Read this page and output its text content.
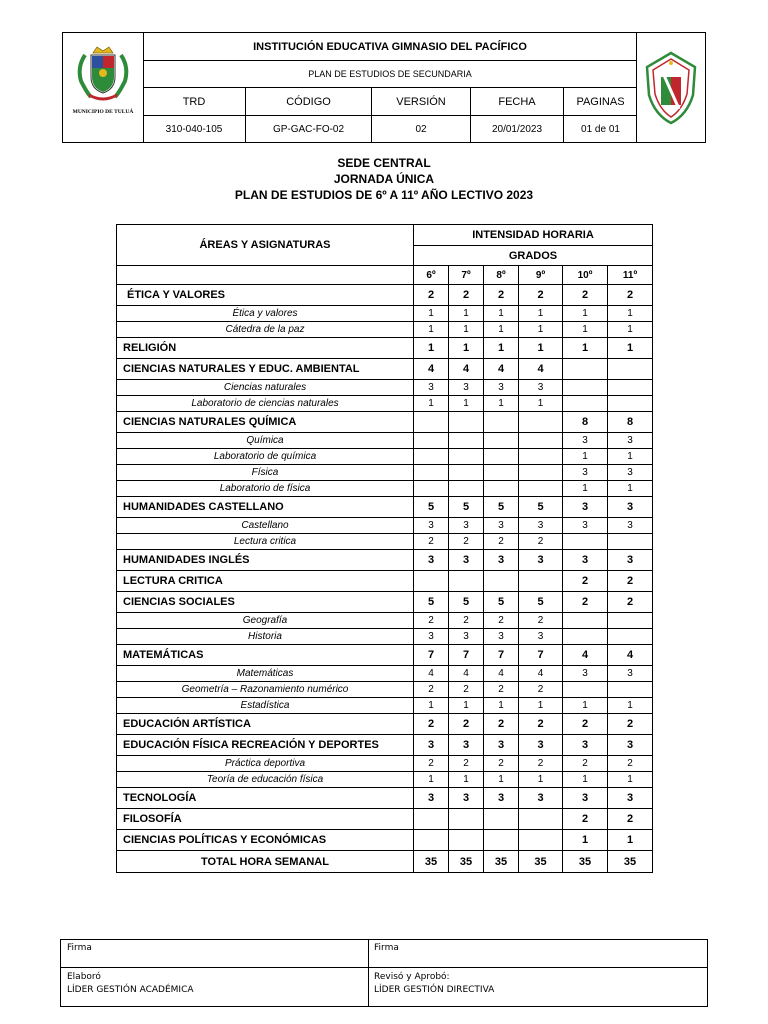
MUNICIPIO DE TULUÁ
INSTITUCIÓN EDUCATIVA GIMNASIO DEL PACÍFICO
PLAN DE ESTUDIOS DE SECUNDARIA
TRD	CÓDIGO	VERSIÓN	FECHA	PAGINAS
310-040-105	GP-GAC-FO-02	02	20/01/2023	01 de 01
SEDE CENTRAL
JORNADA ÚNICA
PLAN DE ESTUDIOS DE 6º A 11º AÑO LECTIVO 2023
ÁREAS Y ASIGNATURAS	INTENSIDAD HORARIA					
	GRADOS					
	6º	7º	8º	9º	10º	11º
ÉTICA Y VALORES	2	2	2	2	2	2
Ética y valores	1	1	1	1	1	1
Cátedra de la paz	1	1	1	1	1	1
RELIGIÓN	1	1	1	1	1	1
CIENCIAS NATURALES Y EDUC. AMBIENTAL	4	4	4	4		
Ciencias naturales	3	3	3	3		
Laboratorio de ciencias naturales	1	1	1	1		
CIENCIAS NATURALES QUÍMICA					8	8
Química					3	3
Laboratorio de química					1	1
Física					3	3
Laboratorio de física					1	1
HUMANIDADES CASTELLANO	5	5	5	5	3	3
Castellano	3	3	3	3	3	3
Lectura critica	2	2	2	2		
HUMANIDADES INGLÉS	3	3	3	3	3	3
LECTURA CRITICA					2	2
CIENCIAS SOCIALES	5	5	5	5	2	2
Geografía	2	2	2	2		
Historia	3	3	3	3		
MATEMÁTICAS	7	7	7	7	4	4
Matemáticas	4	4	4	4	3	3
Geometría – Razonamiento numérico	2	2	2	2		
Estadística	1	1	1	1	1	1
EDUCACIÓN ARTÍSTICA	2	2	2	2	2	2
EDUCACIÓN FÍSICA RECREACIÓN Y DEPORTES	3	3	3	3	3	3
Práctica deportiva	2	2	2	2	2	2
Teoría de educación física	1	1	1	1	1	1
TECNOLOGÍA	3	3	3	3	3	3
FILOSOFÍA					2	2
CIENCIAS POLÍTICAS Y ECONÓMICAS					1	1
TOTAL HORA SEMANAL	35	35	35	35	35	35
Firma	Firma
Elaboró
LÍDER GESTIÓN ACADÉMICA
Revisó y Aprobó:
LÍDER GESTIÓN DIRECTIVA
